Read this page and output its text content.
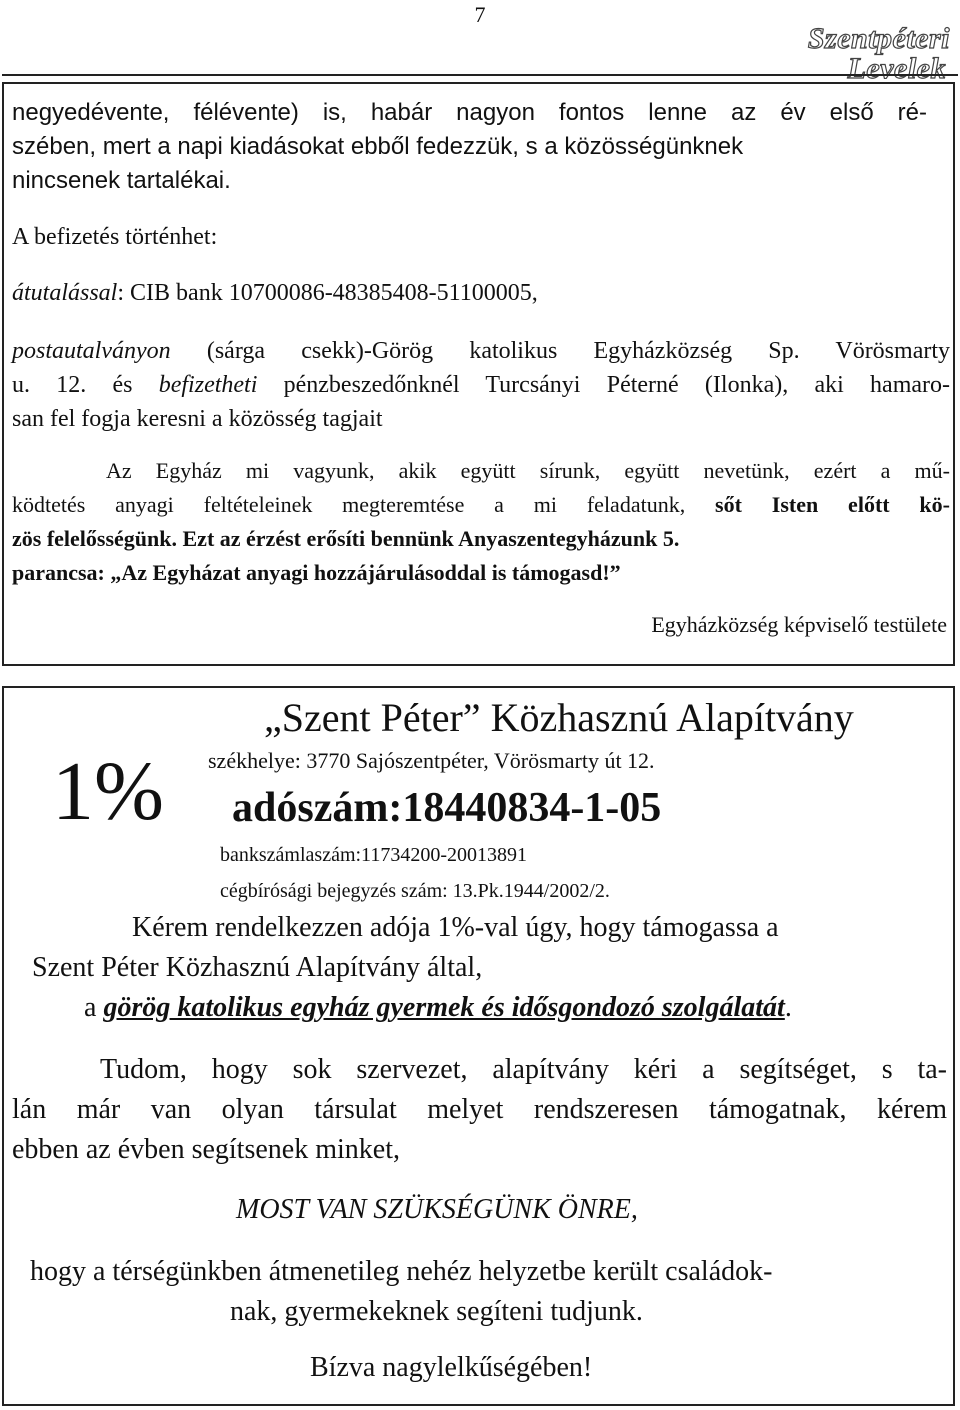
7
Szentpéteri
Levelek
negyedévente, félévente) is, habár nagyon fontos lenne az év első ré-
szében, mert a napi kiadásokat ebből fedezzük, s a közösségünknek
nincsenek tartalékai.
A befizetés történhet:
átutalással: CIB bank 10700086-48385408-51100005,
postautalványon (sárga csekk)-Görög katolikus Egyházközség Sp. Vörösmarty
u. 12. és befizetheti pénzbeszedőnknél Turcsányi Péterné (Ilonka), aki hamaro-
san fel fogja keresni a közösség tagjait
Az Egyház mi vagyunk, akik együtt sírunk, együtt nevetünk, ezért a mű-
ködtetés anyagi feltételeinek megteremtése a mi feladatunk, sőt Isten előtt kö-
zös felelősségünk. Ezt az érzést erősíti bennünk Anyaszentegyházunk 5.
parancsa: „Az Egyházat anyagi hozzájárulásoddal is támogasd!”
Egyházközség képviselő testülete
1%
„Szent Péter” Közhasznú Alapítvány
székhelye: 3770 Sajószentpéter, Vörösmarty út 12.
adószám:18440834-1-05
bankszámlaszám:11734200-20013891
cégbírósági bejegyzés szám: 13.Pk.1944/2002/2.
Kérem rendelkezzen adója 1%-val úgy, hogy támogassa a
Szent Péter Közhasznú Alapítvány által,
a görög katolikus egyház gyermek és idősgondozó szolgálatát.
Tudom, hogy sok szervezet, alapítvány kéri a segítséget, s ta-
lán már van olyan társulat melyet rendszeresen támogatnak, kérem
ebben az évben segítsenek minket,
MOST VAN SZÜKSÉGÜNK ÖNRE,
hogy a térségünkben átmenetileg nehéz helyzetbe került családok-
nak, gyermekeknek segíteni tudjunk.
Bízva nagylelkűségében!
